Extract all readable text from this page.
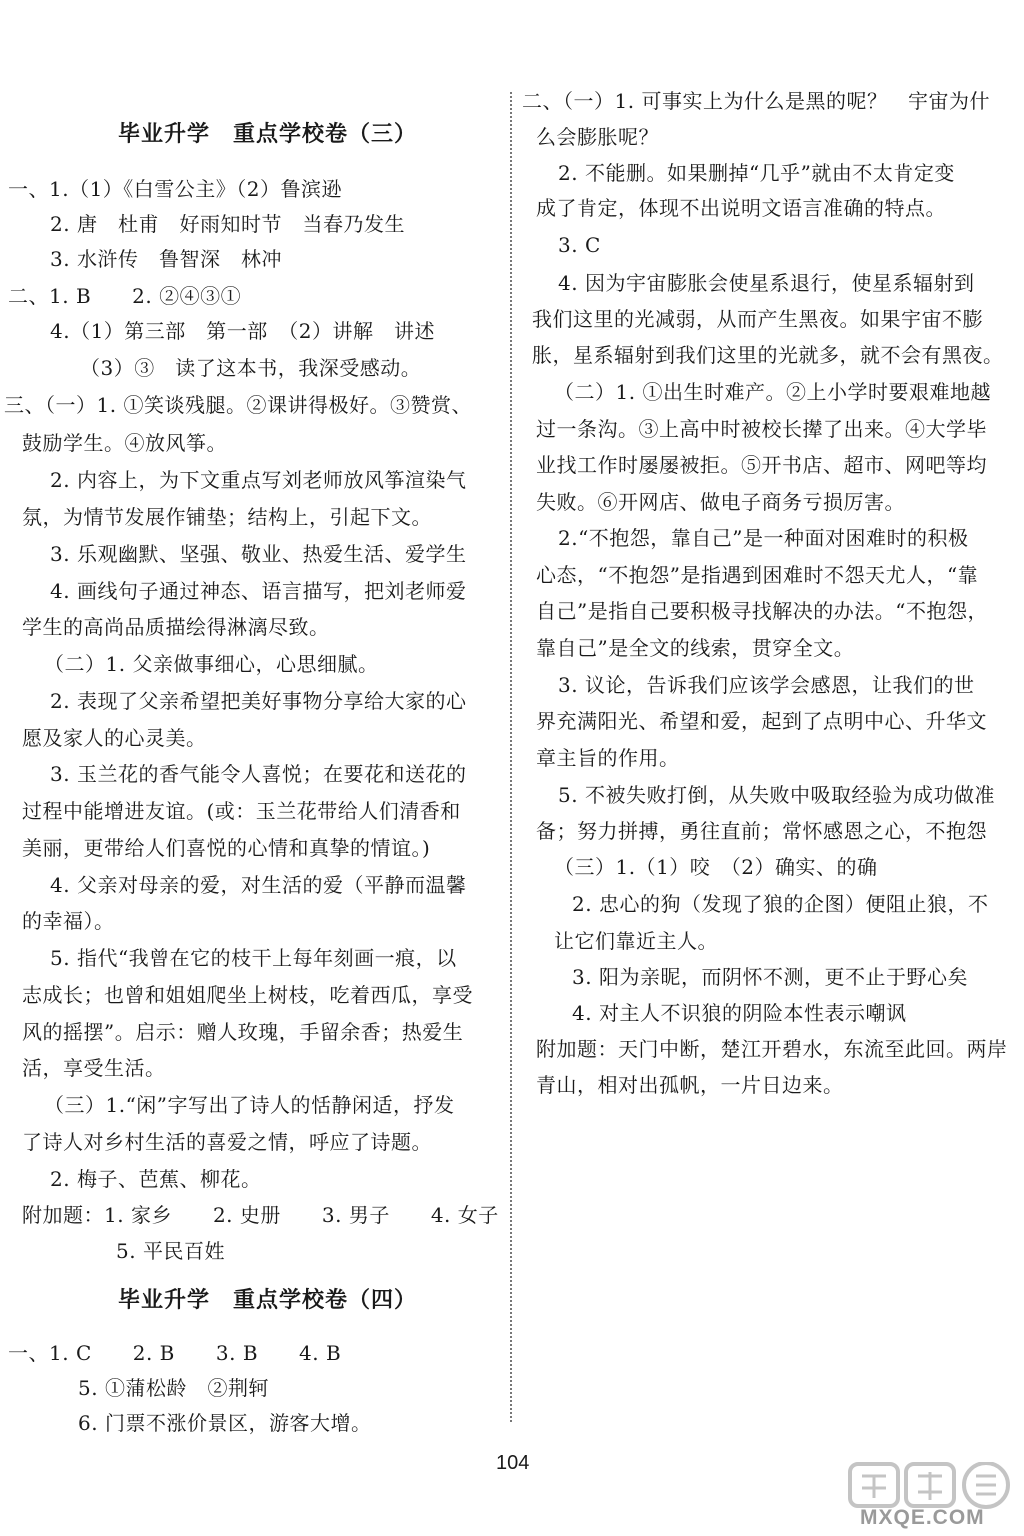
毕业升学　重点学校卷（三）
一、1.（1）《白雪公主》（2）鲁滨逊
2. 唐　杜甫　好雨知时节　当春乃发生
3. 水浒传　鲁智深　林冲
二、1. B　　2. ②④③①
4.（1）第三部　第一部　（2）讲解　讲述
（3）③　读了这本书，我深受感动。
三、（一）1. ①笑谈残腿。②课讲得极好。③赞赏、
鼓励学生。④放风筝。
2. 内容上，为下文重点写刘老师放风筝渲染气
氛，为情节发展作铺垫；结构上，引起下文。
3. 乐观幽默、坚强、敬业、热爱生活、爱学生
4. 画线句子通过神态、语言描写，把刘老师爱
学生的高尚品质描绘得淋漓尽致。
（二）1. 父亲做事细心，心思细腻。
2. 表现了父亲希望把美好事物分享给大家的心
愿及家人的心灵美。
3. 玉兰花的香气能令人喜悦；在要花和送花的
过程中能增进友谊。(或：玉兰花带给人们清香和
美丽，更带给人们喜悦的心情和真挚的情谊。)
4. 父亲对母亲的爱，对生活的爱（平静而温馨
的幸福）。
5. 指代“我曾在它的枝干上每年刻画一痕，以
志成长；也曾和姐姐爬坐上树枝，吃着西瓜，享受
风的摇摆”。启示：赠人玫瑰，手留余香；热爱生
活，享受生活。
（三）1.“闲”字写出了诗人的恬静闲适，抒发
了诗人对乡村生活的喜爱之情，呼应了诗题。
2. 梅子、芭蕉、柳花。
附加题：1. 家乡　　2. 史册　　3. 男子　　4. 女子
5. 平民百姓
毕业升学　重点学校卷（四）
一、1. C　　2. B　　3. B　　4. B
5. ①蒲松龄　②荆轲
6. 门票不涨价景区，游客大增。
二、（一）1. 可事实上为什么是黑的呢？　宇宙为什
么会膨胀呢？
2. 不能删。如果删掉“几乎”就由不太肯定变
成了肯定，体现不出说明文语言准确的特点。
3. C
4. 因为宇宙膨胀会使星系退行，使星系辐射到
我们这里的光减弱，从而产生黑夜。如果宇宙不膨
胀，星系辐射到我们这里的光就多，就不会有黑夜。
（二）1. ①出生时难产。②上小学时要艰难地越
过一条沟。③上高中时被校长撵了出来。④大学毕
业找工作时屡屡被拒。⑤开书店、超市、网吧等均
失败。⑥开网店、做电子商务亏损厉害。
2.“不抱怨，靠自己”是一种面对困难时的积极
心态，“不抱怨”是指遇到困难时不怨天尤人，“靠
自己”是指自己要积极寻找解决的办法。“不抱怨，
靠自己”是全文的线索，贯穿全文。
3. 议论，告诉我们应该学会感恩，让我们的世
界充满阳光、希望和爱，起到了点明中心、升华文
章主旨的作用。
5. 不被失败打倒，从失败中吸取经验为成功做准
备；努力拼搏，勇往直前；常怀感恩之心，不抱怨
（三）1.（1）咬　（2）确实、的确
2. 忠心的狗（发现了狼的企图）便阻止狼，不
让它们靠近主人。
3. 阳为亲昵，而阴怀不测，更不止于野心矣
4. 对主人不识狼的阴险本性表示嘲讽
附加题：天门中断，楚江开碧水，东流至此回。两岸
青山，相对出孤帆，一片日边来。
104
MXQE.COM
